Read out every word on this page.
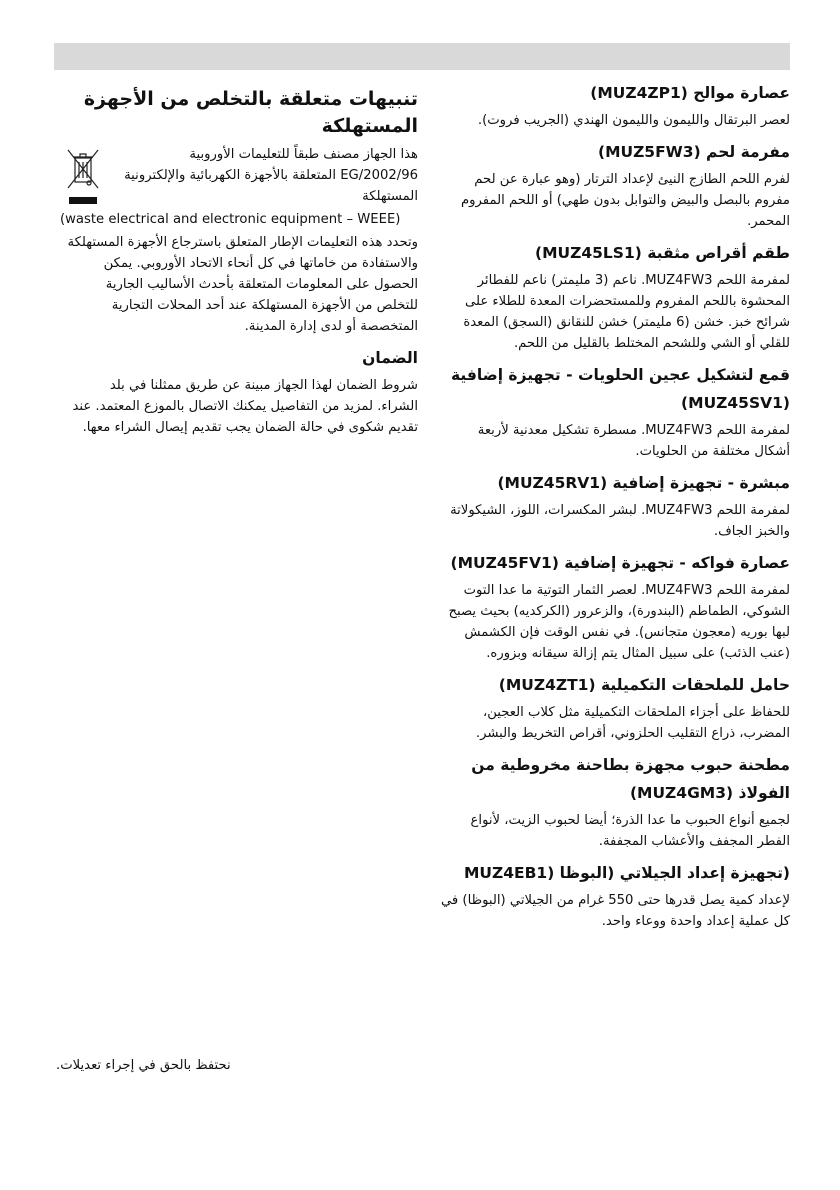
عصارة موالح (MUZ4ZP1)
لعصر البرتقال والليمون والليمون الهندي (الجريب فروت).
مفرمة لحم (MUZ5FW3)
لفرم اللحم الطازج النيئ لإعداد الترتار (وهو عبارة عن لحم مفروم بالبصل والبيض والتوابل بدون طهي) أو اللحم المفروم المحمر.
طقم أقراص مثقبة (MUZ45LS1)
لمفرمة اللحم MUZ4FW3. ناعم (3 مليمتر) ناعم للفطائر المحشوة باللحم المفروم وللمستحضرات المعدة للطلاء على شرائح خبز. خشن (6 مليمتر) خشن للنقانق (السجق) المعدة للقلي أو الشي وللشحم المختلط بالقليل من اللحم.
قمع لتشكيل عجين الحلويات - تجهيزة إضافية
(MUZ45SV1)
لمفرمة اللحم MUZ4FW3. مسطرة تشكيل معدنية لأربعة أشكال مختلفة من الحلويات.
مبشرة - تجهيزة إضافية (MUZ45RV1)
لمفرمة اللحم MUZ4FW3. لبشر المكسرات، اللوز، الشيكولاتة والخبز الجاف.
عصارة فواكه - تجهيزة إضافية (MUZ45FV1)
لمفرمة اللحم MUZ4FW3. لعصر الثمار التوتية ما عدا التوت الشوكي، الطماطم (البندورة)، والزعرور (الكركديه) بحيث يصبح لبها بوريه (معجون متجانس). في نفس الوقت فإن الكشمش (عنب الذئب) على سبيل المثال يتم إزالة سيقانه وبزوره.
حامل للملحقات التكميلية (MUZ4ZT1)
للحفاظ على أجزاء الملحقات التكميلية مثل كلاب العجين، المضرب، ذراع التقليب الحلزوني، أقراص التخريط والبشر.
مطحنة حبوب مجهزة بطاحنة مخروطية من
الفولاذ (MUZ4GM3)
لجميع أنواع الحبوب ما عدا الذرة؛ أيضا لحبوب الزيت، لأنواع الفطر المجفف والأعشاب المجففة.
(تجهيزة إعداد الجيلاتي (البوظا (MUZ4EB1
لإعداد كمية يصل قدرها حتى 550 غرام من الجيلاتي (البوظا) في كل عملية إعداد واحدة ووعاء واحد.
تنبيهات متعلقة بالتخلص من الأجهزة المستهلكة
هذا الجهاز مصنف طبقاً للتعليمات الأوروبية 2002/96/EG المتعلقة بالأجهزة الكهربائية والإلكترونية المستهلكة
(waste electrical and electronic equipment – WEEE)
وتحدد هذه التعليمات الإطار المتعلق باسترجاع الأجهزة المستهلكة والاستفادة من خاماتها في كل أنحاء الاتحاد الأوروبي. يمكن الحصول على المعلومات المتعلقة بأحدث الأساليب الجارية للتخلص من الأجهزة المستهلكة عند أحد المحلات التجارية المتخصصة أو لدى إدارة المدينة.
الضمان
شروط الضمان لهذا الجهاز مبينة عن طريق ممثلنا في بلد الشراء. لمزيد من التفاصيل يمكنك الاتصال بالموزع المعتمد. عند تقديم شكوى في حالة الضمان يجب تقديم إيصال الشراء معها.
نحتفظ بالحق في إجراء تعديلات.
